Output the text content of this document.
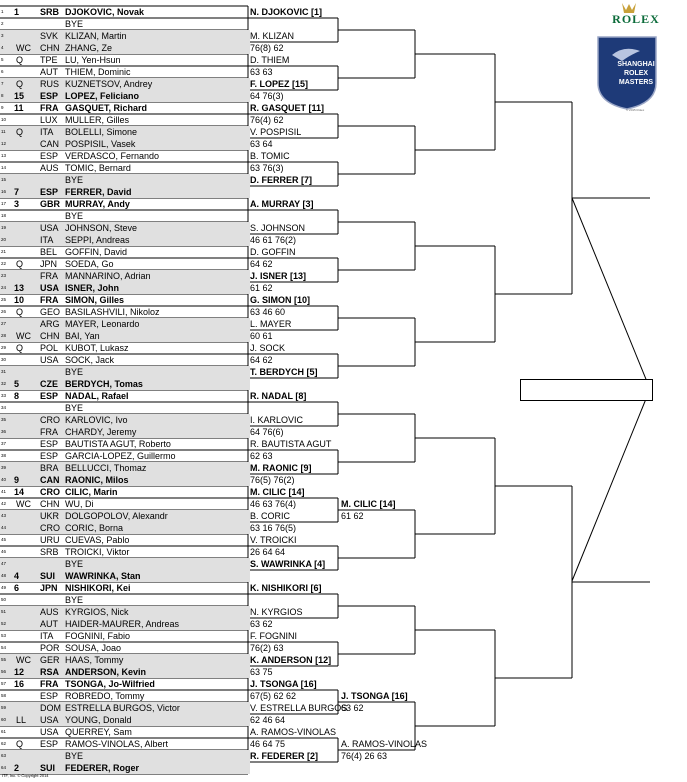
1 1	SRB DJOKOVIC, Novak
2	BYE
3	SVK KLIZAN, Martin
4 WC	CHN ZHANG, Ze
5 Q	TPE LU, Yen-Hsun
6	AUT THIEM, Dominic
7 Q	RUS KUZNETSOV, Andrey
8 15	ESP LOPEZ, Feliciano
9 11	FRA GASQUET, Richard
10	LUX MULLER, Gilles
11 Q	ITA BOLELLI, Simone
12	CAN POSPISIL, Vasek
13	ESP VERDASCO, Fernando
14	AUS TOMIC, Bernard
15	BYE
16 7	ESP FERRER, David
17 3	GBR MURRAY, Andy
18	BYE
19	USA JOHNSON, Steve
20	ITA SEPPI, Andreas
21	BEL GOFFIN, David
22 Q	JPN SOEDA, Go
23	FRA MANNARINO, Adrian
24 13	USA ISNER, John
25 10	FRA SIMON, Gilles
26 Q	GEO BASILASHVILI, Nikoloz
27	ARG MAYER, Leonardo
28 WC	CHN BAI, Yan
29 Q	POL KUBOT, Lukasz
30	USA SOCK, Jack
31	BYE
32 5	CZE BERDYCH, Tomas
33 8	ESP NADAL, Rafael
34	BYE
35	CRO KARLOVIC, Ivo
36	FRA CHARDY, Jeremy
37	ESP BAUTISTA AGUT, Roberto
38	ESP GARCIA-LOPEZ, Guillermo
39	BRA BELLUCCI, Thomaz
40 9	CAN RAONIC, Milos
41 14	CRO CILIC, Marin
42 WC	CHN WU, Di
43	UKR DOLGOPOLOV, Alexandr
44	CRO CORIC, Borna
45	URU CUEVAS, Pablo
46	SRB TROICKI, Viktor
47	BYE
48 4	SUI WAWRINKA, Stan
49 6	JPN NISHIKORI, Kei
50	BYE
51	AUS KYRGIOS, Nick
52	AUT HAIDER-MAURER, Andreas
53	ITA FOGNINI, Fabio
54	POR SOUSA, Joao
55 WC	GER HAAS, Tommy
56 12	RSA ANDERSON, Kevin
57 16	FRA TSONGA, Jo-Wilfried
58	ESP ROBREDO, Tommy
59	DOM ESTRELLA BURGOS, Victor
60 LL	USA YOUNG, Donald
61	USA QUERREY, Sam
62 Q	ESP RAMOS-VINOLAS, Albert
63	BYE
64 2	SUI FEDERER, Roger
N. DJOKOVIC [1]
M. KLIZAN
76(8) 62
D. THIEM
63 63
F. LOPEZ [15]
64 76(3)
R. GASQUET [11]
76(4) 62
V. POSPISIL
63 64
B. TOMIC
63 76(3)
D. FERRER [7]
A. MURRAY [3]
S. JOHNSON
46 61 76(2)
D. GOFFIN
64 62
J. ISNER [13]
61 62
G. SIMON [10]
63 46 60
L. MAYER
60 61
J. SOCK
64 62
T. BERDYCH [5]
R. NADAL [8]
I. KARLOVIC
64 76(6)
R. BAUTISTA AGUT
62 63
M. RAONIC [9]
76(5) 76(2)
M. CILIC [14]
46 63 76(4)
B. CORIC
63 16 76(5)
V. TROICKI
26 64 64
S. WAWRINKA [4]
K. NISHIKORI [6]
N. KYRGIOS
63 62
F. FOGNINI
76(2) 63
K. ANDERSON [12]
63 75
J. TSONGA [16]
67(5) 62 62
V. ESTRELLA BURGOS
62 46 64
A. RAMOS-VINOLAS
46 64 75
R. FEDERER [2]
M. CILIC [14]
61 62
J. TSONGA [16]
63 62
A. RAMOS-VINOLAS
76(4) 26 63
ROLEX
SHANGHAI
ROLEX
MASTERS
© 2015 Rolex
ITF, Inc. © Copyright 2014
